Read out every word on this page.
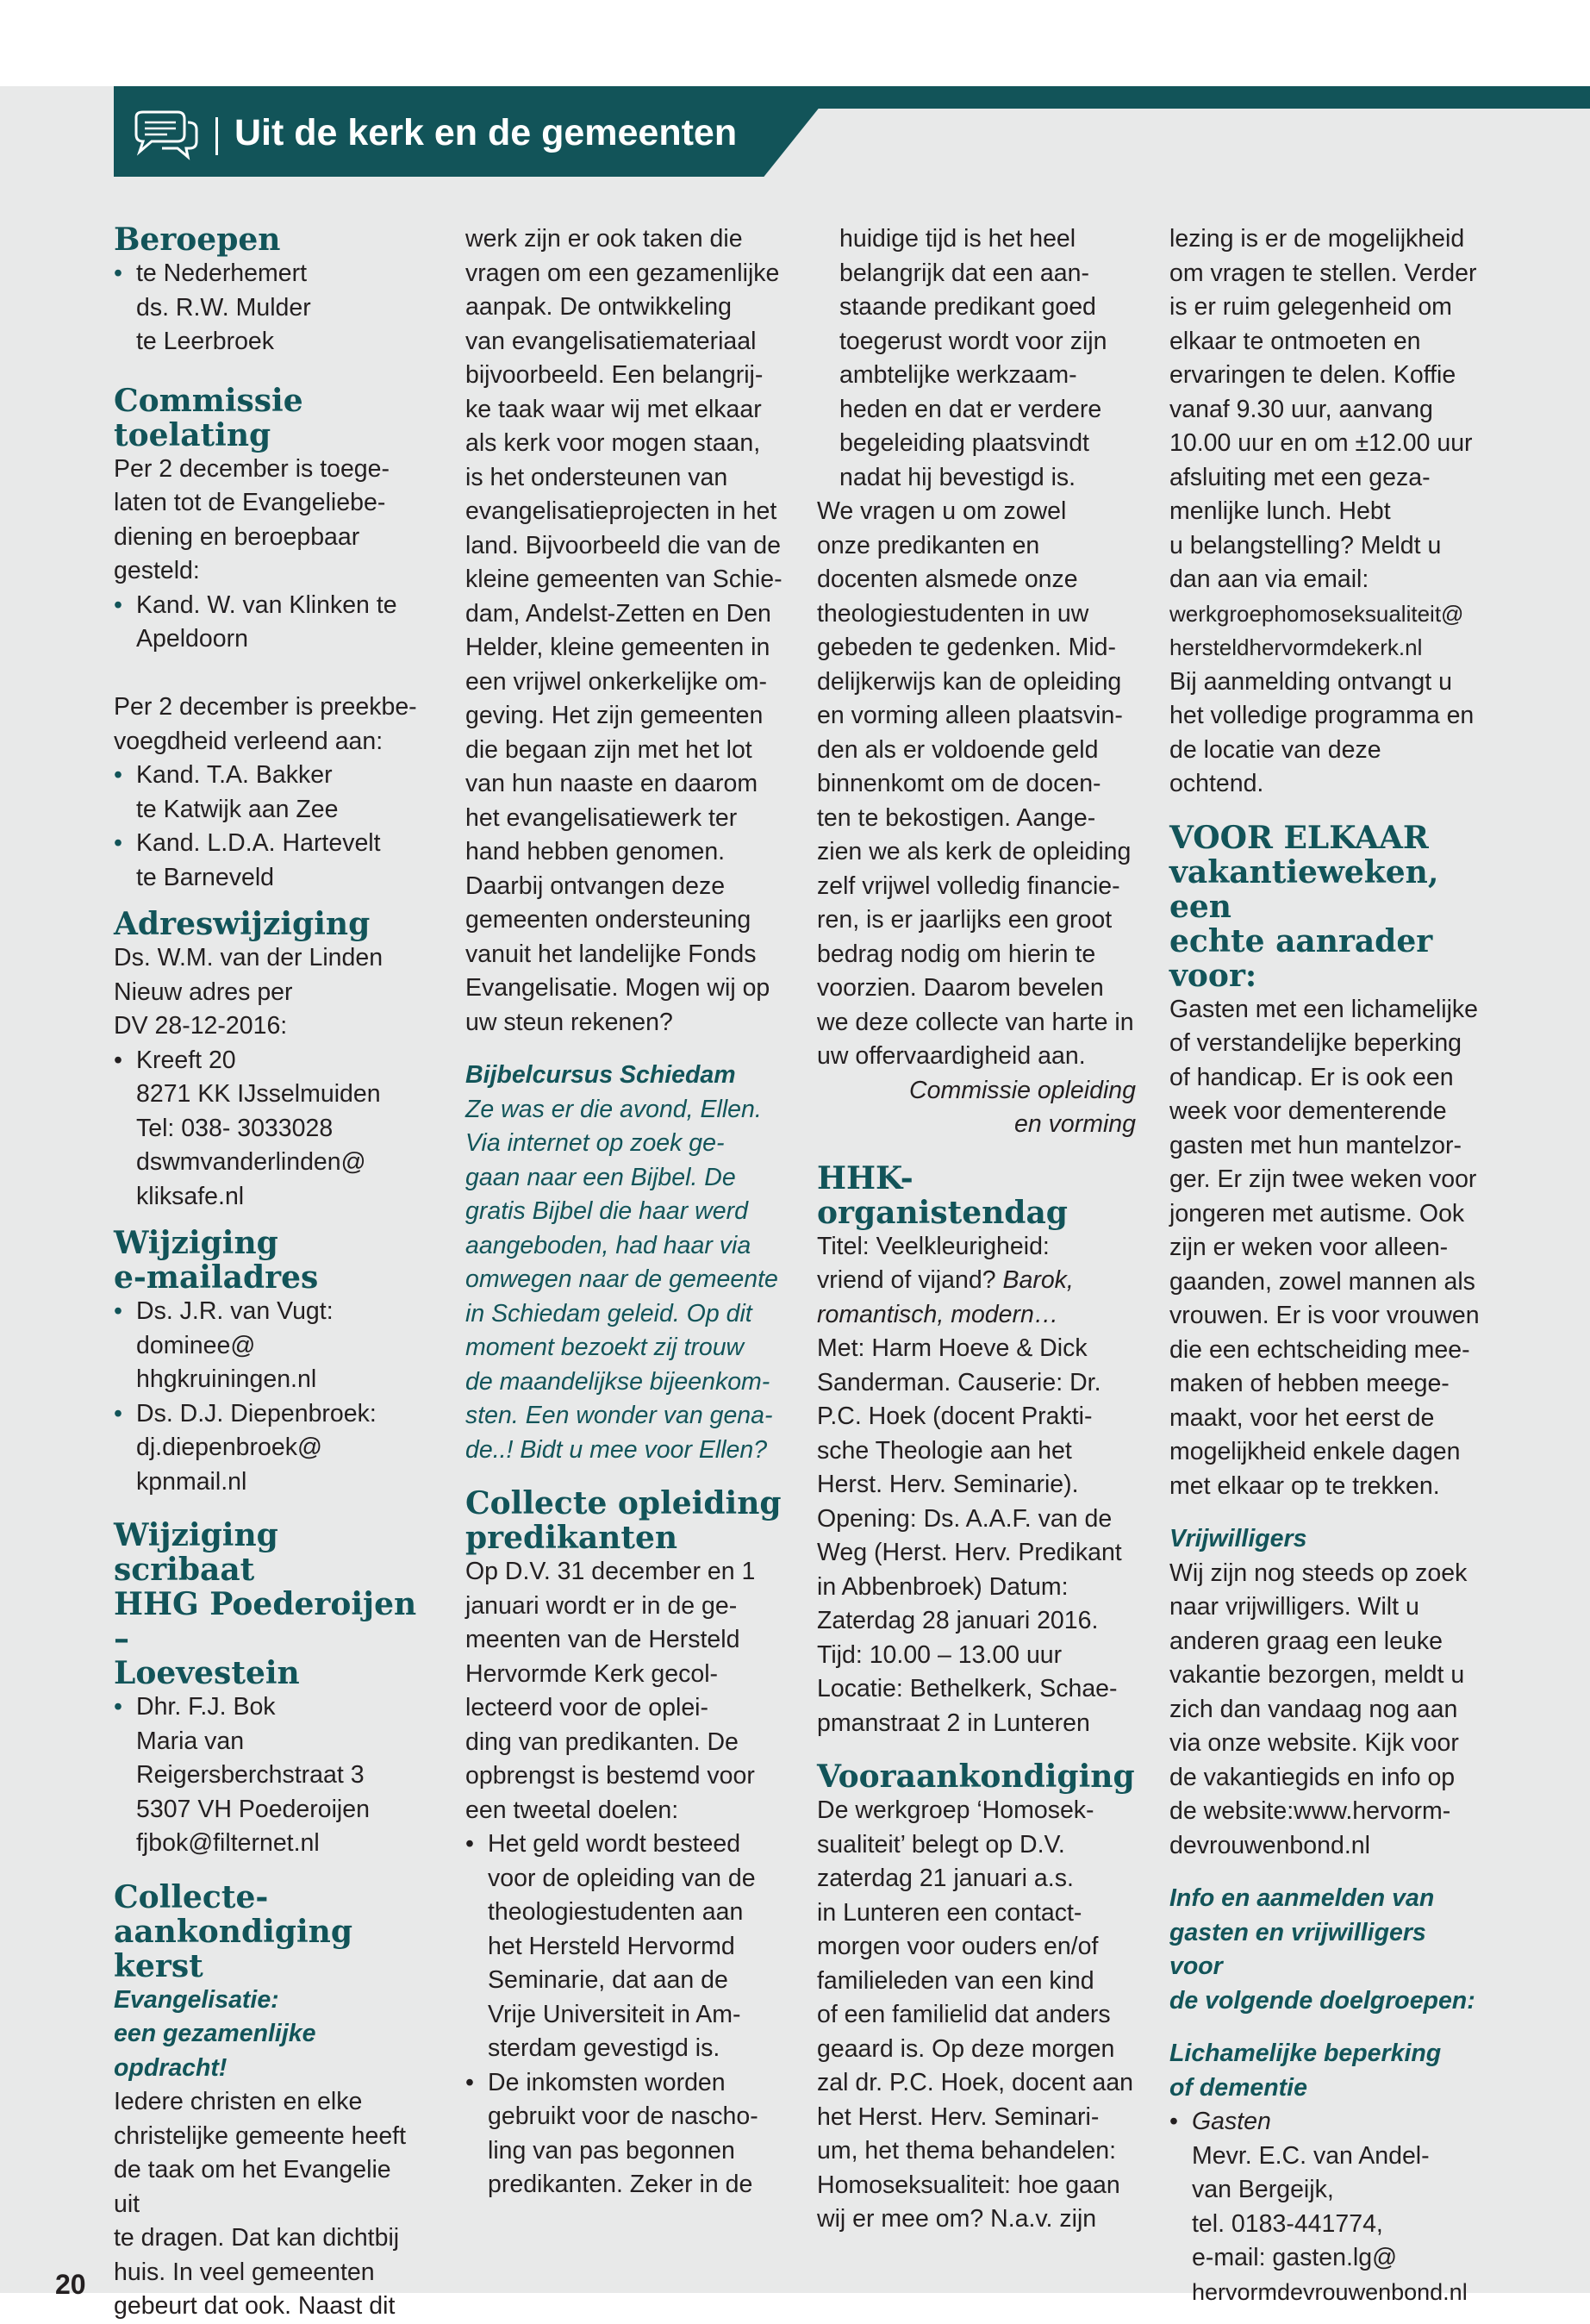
Uit de kerk en de gemeenten
Beroepen
• te Nederhemert
ds. R.W. Mulder
te Leerbroek
Commissie
toelating
Per 2 december is toege-
laten tot de Evangeliebe-
diening en beroepbaar
gesteld:
• Kand. W. van Klinken te
Apeldoorn
Per 2 december is preekbe-
voegdheid verleend aan:
• Kand. T.A. Bakker
te Katwijk aan Zee
• Kand. L.D.A. Hartevelt
te Barneveld
Adreswijziging
Ds. W.M. van der Linden
Nieuw adres per
DV 28-12-2016:
• Kreeft 20
8271 KK IJsselmuiden
Tel: 038- 3033028
dswmvanderlinden@
kliksafe.nl
Wijziging
e-mailadres
• Ds. J.R. van Vugt:
dominee@
hhgkruiningen.nl
• Ds. D.J. Diepenbroek:
dj.diepenbroek@
kpnmail.nl
Wijziging scribaat
HHG Poederoijen –
Loevestein
• Dhr. F.J. Bok
Maria van
Reigersberchstraat 3
5307 VH Poederoijen
fjbok@filternet.nl
Collecte-
aankondiging kerst
Evangelisatie:
een gezamenlijke opdracht!
Iedere christen en elke
christelijke gemeente heeft
de taak om het Evangelie uit
te dragen. Dat kan dichtbij
huis. In veel gemeenten
gebeurt dat ook. Naast dit
werk zijn er ook taken die
vragen om een gezamenlijke
aanpak. De ontwikkeling
van evangelisatiemateriaal
bijvoorbeeld. Een belangrij-
ke taak waar wij met elkaar
als kerk voor mogen staan,
is het ondersteunen van
evangelisatieprojecten in het
land. Bijvoorbeeld die van de
kleine gemeenten van Schie-
dam, Andelst-Zetten en Den
Helder, kleine gemeenten in
een vrijwel onkerkelijke om-
geving. Het zijn gemeenten
die begaan zijn met het lot
van hun naaste en daarom
het evangelisatiewerk ter
hand hebben genomen.
Daarbij ontvangen deze
gemeenten ondersteuning
vanuit het landelijke Fonds
Evangelisatie. Mogen wij op
uw steun rekenen?
Bijbelcursus Schiedam
Ze was er die avond, Ellen.
Via internet op zoek ge-
gaan naar een Bijbel. De
gratis Bijbel die haar werd
aangeboden, had haar via
omwegen naar de gemeente
in Schiedam geleid. Op dit
moment bezoekt zij trouw
de maandelijkse bijeenkom-
sten. Een wonder van gena-
de..! Bidt u mee voor Ellen?
Collecte opleiding
predikanten
Op D.V. 31 december en 1
januari wordt er in de ge-
meenten van de Hersteld
Hervormde Kerk gecol-
lecteerd voor de oplei-
ding van predikanten. De
opbrengst is bestemd voor
een tweetal doelen:
• Het geld wordt besteed
voor de opleiding van de
theologiestudenten aan
het Hersteld Hervormd
Seminarie, dat aan de
Vrije Universiteit in Am-
sterdam gevestigd is.
• De inkomsten worden
gebruikt voor de nascho-
ling van pas begonnen
predikanten. Zeker in de
huidige tijd is het heel
belangrijk dat een aan-
staande predikant goed
toegerust wordt voor zijn
ambtelijke werkzaam-
heden en dat er verdere
begeleiding plaatsvindt
nadat hij bevestigd is.
We vragen u om zowel
onze predikanten en
docenten alsmede onze
theologiestudenten in uw
gebeden te gedenken. Mid-
delijkerwijs kan de opleiding
en vorming alleen plaatsvin-
den als er voldoende geld
binnenkomt om de docen-
ten te bekostigen. Aange-
zien we als kerk de opleiding
zelf vrijwel volledig financie-
ren, is er jaarlijks een groot
bedrag nodig om hierin te
voorzien. Daarom bevelen
we deze collecte van harte in
uw offervaardigheid aan.
Commissie opleiding
en vorming
HHK-organistendag
Titel: Veelkleurigheid:
vriend of vijand? Barok,
romantisch, modern…
Met: Harm Hoeve & Dick
Sanderman. Causerie: Dr.
P.C. Hoek (docent Prakti-
sche Theologie aan het
Herst. Herv. Seminarie).
Opening: Ds. A.A.F. van de
Weg (Herst. Herv. Predikant
in Abbenbroek) Datum:
Zaterdag 28 januari 2016.
Tijd: 10.00 – 13.00 uur
Locatie: Bethelkerk, Schae-
pmanstraat 2 in Lunteren
Vooraankondiging
De werkgroep ‘Homosek-
sualiteit’ belegt op D.V.
zaterdag 21 januari a.s.
in Lunteren een contact-
morgen voor ouders en/of
familieleden van een kind
of een familielid dat anders
geaard is. Op deze morgen
zal dr. P.C. Hoek, docent aan
het Herst. Herv. Seminari-
um, het thema behandelen:
Homoseksualiteit: hoe gaan
wij er mee om? N.a.v. zijn
lezing is er de mogelijkheid
om vragen te stellen. Verder
is er ruim gelegenheid om
elkaar te ontmoeten en
ervaringen te delen. Koffie
vanaf 9.30 uur, aanvang
10.00 uur en om ±12.00 uur
afsluiting met een geza-
menlijke lunch. Hebt
u belangstelling? Meldt u
dan aan via email:
werkgroephomoseksualiteit@
hersteldhervormdekerk.nl
Bij aanmelding ontvangt u
het volledige programma en
de locatie van deze ochtend.
VOOR ELKAAR
vakantieweken, een
echte aanrader voor:
Gasten met een lichamelijke
of verstandelijke beperking
of handicap. Er is ook een
week voor dementerende
gasten met hun mantelzor-
ger. Er zijn twee weken voor
jongeren met autisme. Ook
zijn er weken voor alleen-
gaanden, zowel mannen als
vrouwen. Er is voor vrouwen
die een echtscheiding mee-
maken of hebben meege-
maakt, voor het eerst de
mogelijkheid enkele dagen
met elkaar op te trekken.
Vrijwilligers
Wij zijn nog steeds op zoek
naar vrijwilligers. Wilt u
anderen graag een leuke
vakantie bezorgen, meldt u
zich dan vandaag nog aan
via onze website. Kijk voor
de vakantiegids en info op
de website:www.hervorm-
devrouwenbond.nl
Info en aanmelden van
gasten en vrijwilligers voor
de volgende doelgroepen:
Lichamelijke beperking
of dementie
• Gasten
Mevr. E.C. van Andel-
van Bergeijk,
tel. 0183-441774,
e-mail: gasten.lg@
hervormdevrouwenbond.nl
20
